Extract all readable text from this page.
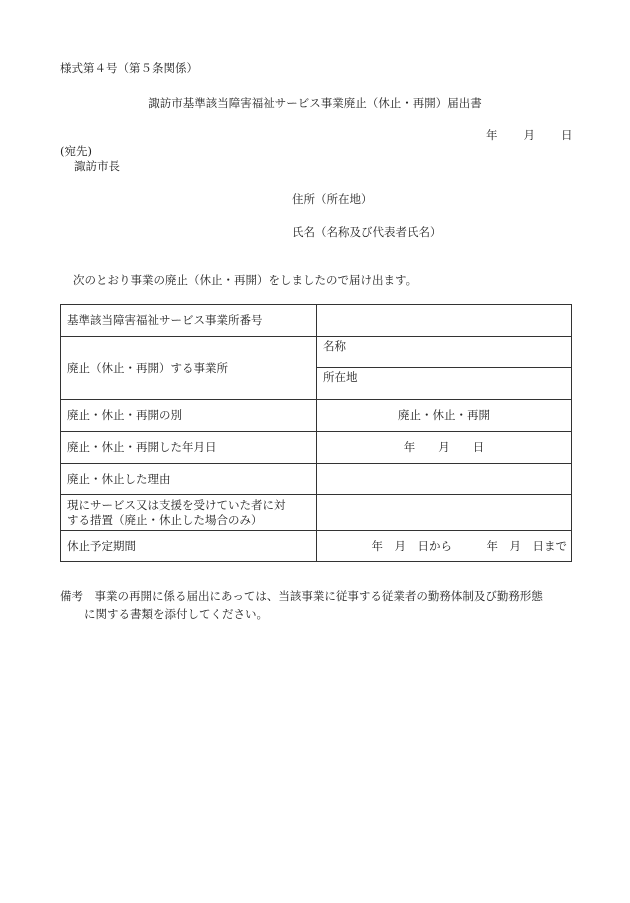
様式第４号（第５条関係）
諏訪市基準該当障害福祉サービス事業廃止（休止・再開）届出書
年 月 日
(宛先)
諏訪市長
住所（所在地）
氏名（名称及び代表者氏名）
次のとおり事業の廃止（休止・再開）をしましたので届け出ます。
基準該当障害福祉サービス事業所番号	
廃止（休止・再開）する事業所	名称
	所在地
廃止・休止・再開の別	廃止・休止・再開
廃止・休止・再開した年月日	年　　月　　日
廃止・休止した理由	

現にサービス又は支援を受けていた者に対
する措置（廃止・休止した場合のみ）	

休止予定期間	年　月　日から　　　年　月　日まで
備考　事業の再開に係る届出にあっては、当該事業に従事する従業者の勤務体制及び勤務形態
に関する書類を添付してください。
